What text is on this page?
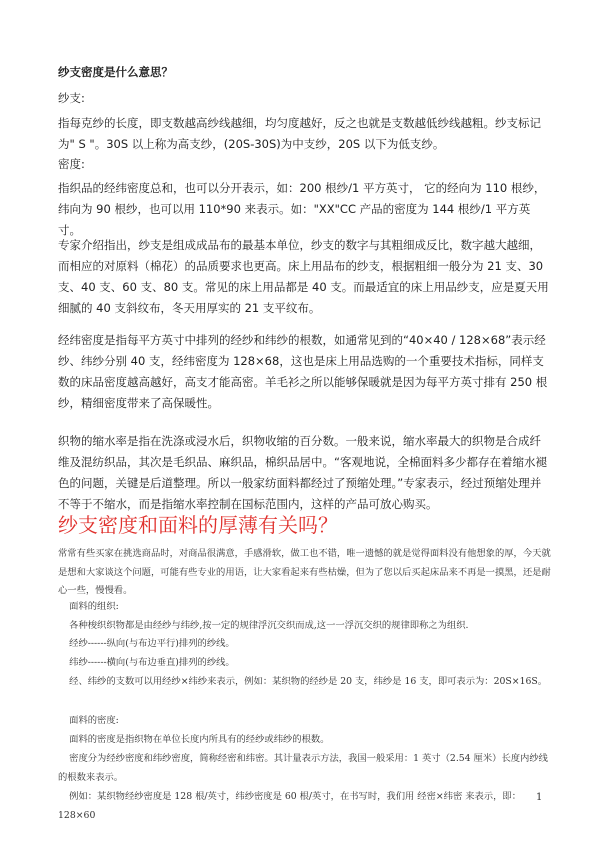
纱支密度是什么意思？

纱支:

指每克纱的长度，即支数越高纱线越细，均匀度越好，反之也就是支数越低纱线越粗。纱支标记为" S "。30S 以上称为高支纱，(20S-30S)为中支纱，20S 以下为低支纱。

密度:

指织品的经纬密度总和，也可以分开表示，如：200 根纱/1 平方英寸， 它的经向为 110 根纱，纬向为 90 根纱，也可以用 110*90 来表示。如："XX"CC 产品的密度为 144 根纱/1 平方英寸。

专家介绍指出，纱支是组成成品布的最基本单位，纱支的数字与其粗细成反比，数字越大越细，而相应的对原料（棉花）的品质要求也更高。床上用品布的纱支，根据粗细一般分为 21 支、30 支、40 支、60 支、80 支。常见的床上用品都是 40 支。而最适宜的床上用品纱支，应是夏天用细腻的 40 支斜纹布，冬天用厚实的 21 支平纹布。

经纬密度是指每平方英寸中排列的经纱和纬纱的根数，如通常见到的“40×40 / 128×68”表示经纱、纬纱分别 40 支，经纬密度为 128×68，这也是床上用品选购的一个重要技术指标，同样支数的床品密度越高越好，高支才能高密。羊毛衫之所以能够保暖就是因为每平方英寸排有 250 根纱，精细密度带来了高保暖性。

织物的缩水率是指在洗涤或浸水后，织物收缩的百分数。一般来说，缩水率最大的织物是合成纤维及混纺织品，其次是毛织品、麻织品，棉织品居中。“客观地说，全棉面料多少都存在着缩水褪色的问题，关键是后道整理。所以一般家纺面料都经过了预缩处理。”专家表示，经过预缩处理并不等于不缩水，而是指缩水率控制在国标范围内，这样的产品可放心购买。

纱支密度和面料的厚薄有关吗？

常常有些买家在挑选商品时，对商品很满意，手感滑软，做工也不错，唯一遗憾的就是觉得面料没有他想象的厚，今天就是想和大家谈这个问题，可能有些专业的用语，让大家看起来有些枯燥，但为了您以后买起床品来不再是一摸黑，还是耐心一些，慢慢看。

面料的组织:

各种梭织织物都是由经纱与纬纱,按一定的规律浮沉交织而成,这一一浮沉交织的规律即称之为组织.

经纱------纵向(与布边平行)排列的纱线。

纬纱------横向(与布边垂直)排列的纱线。

经、纬纱的支数可以用经纱×纬纱来表示，例如：某织物的经纱是 20 支，纬纱是 16 支，即可表示为：20S×16S。

面料的密度:

面料的密度是指织物在单位长度内所具有的经纱或纬纱的根数。

密度分为经纱密度和纬纱密度，简称经密和纬密。其计量表示方法，我国一般采用：1 英寸（2.54 厘米）长度内纱线的根数来表示。

例如：某织物经纱密度是 128 根/英寸，纬纱密度是 60 根/英寸，在书写时，我们用 经密×纬密 来表示，即：128×60

1
